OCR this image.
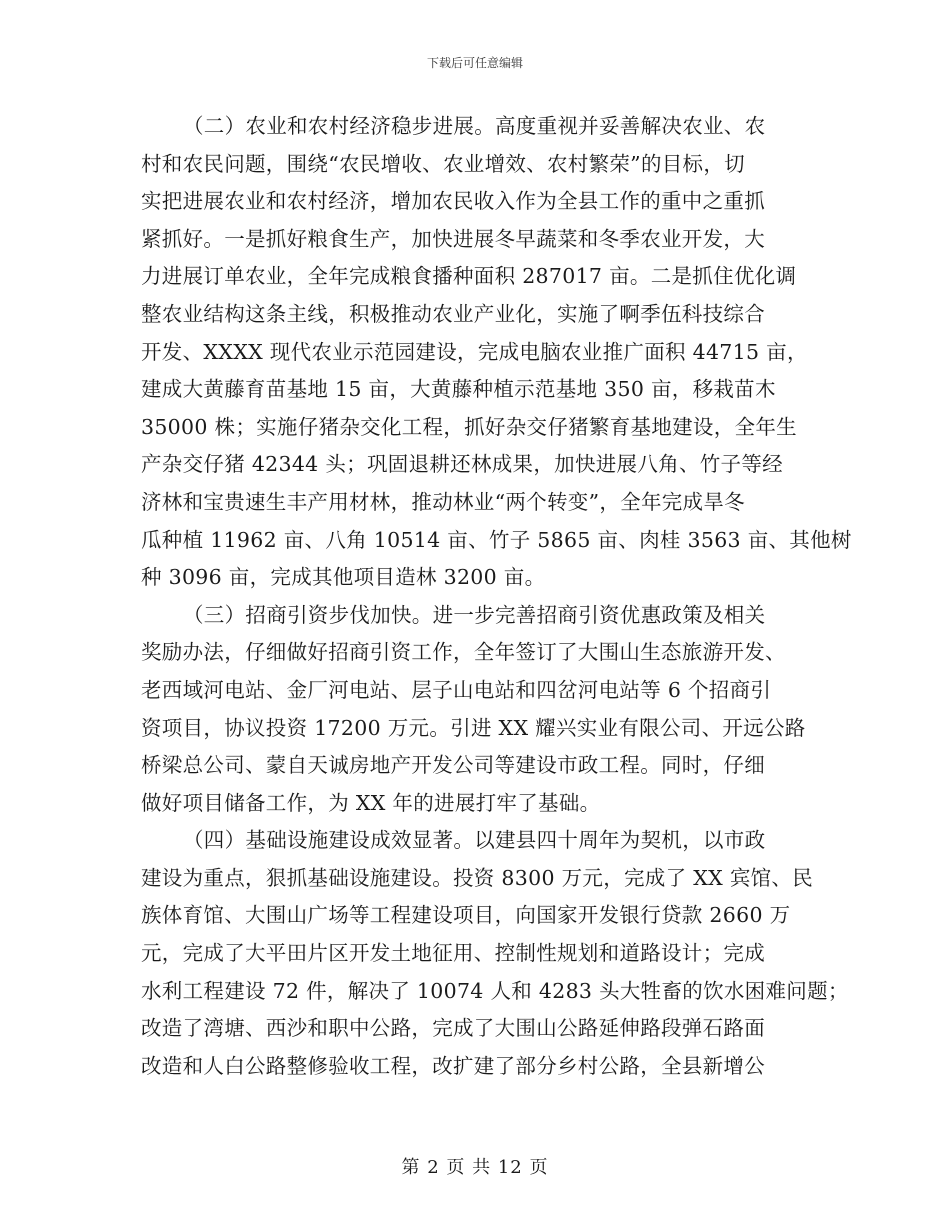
下载后可任意编辑

（二）农业和农村经济稳步进展。高度重视并妥善解决农业、农
村和农民问题，围绕“农民增收、农业增效、农村繁荣”的目标，切
实把进展农业和农村经济，增加农民收入作为全县工作的重中之重抓
紧抓好。一是抓好粮食生产，加快进展冬早蔬菜和冬季农业开发，大
力进展订单农业，全年完成粮食播种面积 287017 亩。二是抓住优化调
整农业结构这条主线，积极推动农业产业化，实施了啊季伍科技综合
开发、XXXX 现代农业示范园建设，完成电脑农业推广面积 44715 亩，
建成大黄藤育苗基地 15 亩，大黄藤种植示范基地 350 亩，移栽苗木
35000 株；实施仔猪杂交化工程，抓好杂交仔猪繁育基地建设，全年生
产杂交仔猪 42344 头；巩固退耕还林成果，加快进展八角、竹子等经
济林和宝贵速生丰产用材林，推动林业“两个转变”，全年完成旱冬
瓜种植 11962 亩、八角 10514 亩、竹子 5865 亩、肉桂 3563 亩、其他树
种 3096 亩，完成其他项目造林 3200 亩。

（三）招商引资步伐加快。进一步完善招商引资优惠政策及相关
奖励办法，仔细做好招商引资工作，全年签订了大围山生态旅游开发、
老西域河电站、金厂河电站、层子山电站和四岔河电站等 6 个招商引
资项目，协议投资 17200 万元。引进 XX 耀兴实业有限公司、开远公路
桥梁总公司、蒙自天诚房地产开发公司等建设市政工程。同时，仔细
做好项目储备工作，为 XX 年的进展打牢了基础。

（四）基础设施建设成效显著。以建县四十周年为契机，以市政
建设为重点，狠抓基础设施建设。投资 8300 万元，完成了 XX 宾馆、民
族体育馆、大围山广场等工程建设项目，向国家开发银行贷款 2660 万
元，完成了大平田片区开发土地征用、控制性规划和道路设计；完成
水利工程建设 72 件，解决了 10074 人和 4283 头大牲畜的饮水困难问题；
改造了湾塘、西沙和职中公路，完成了大围山公路延伸路段弹石路面
改造和人白公路整修验收工程，改扩建了部分乡村公路，全县新增公

第 2 页 共 12 页
